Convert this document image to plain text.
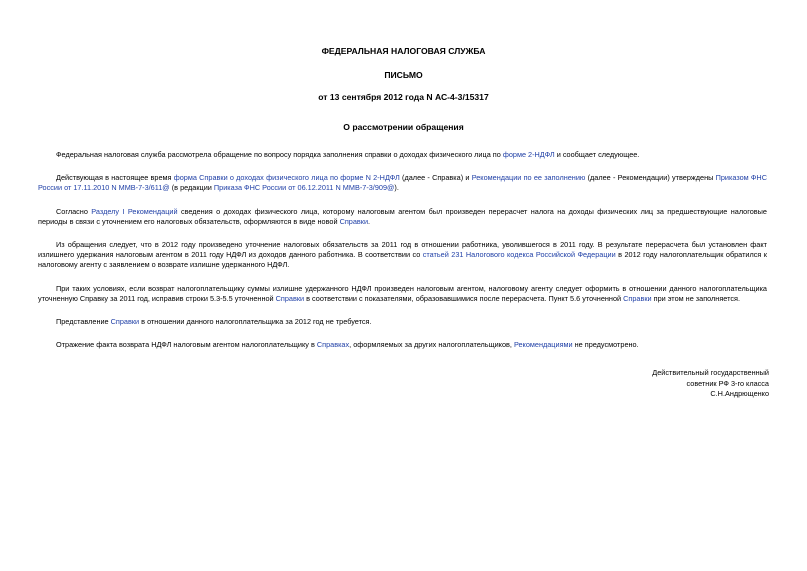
ФЕДЕРАЛЬНАЯ НАЛОГОВАЯ СЛУЖБА
ПИСЬМО
от 13 сентября 2012 года N АС-4-3/15317
О рассмотрении обращения

Федеральная налоговая служба рассмотрела обращение по вопросу порядка заполнения справки о доходах физического лица по форме 2-НДФЛ и сообщает следующее.

Действующая в настоящее время форма Справки о доходах физического лица по форме N 2-НДФЛ (далее - Справка) и Рекомендации по ее заполнению (далее - Рекомендации) утверждены Приказом ФНС России от 17.11.2010 N ММВ-7-3/611@ (в редакции Приказа ФНС России от 06.12.2011 N ММВ-7-3/909@).

Согласно Разделу I Рекомендаций сведения о доходах физического лица, которому налоговым агентом был произведен перерасчет налога на доходы физических лиц за предшествующие налоговые периоды в связи с уточнением его налоговых обязательств, оформляются в виде новой Справки.

Из обращения следует, что в 2012 году произведено уточнение налоговых обязательств за 2011 год в отношении работника, уволившегося в 2011 году. В результате перерасчета был установлен факт излишнего удержания налоговым агентом в 2011 году НДФЛ из доходов данного работника. В соответствии со статьей 231 Налогового кодекса Российской Федерации в 2012 году налогоплательщик обратился к налоговому агенту с заявлением о возврате излишне удержанного НДФЛ.

При таких условиях, если возврат налогоплательщику суммы излишне удержанного НДФЛ произведен налоговым агентом, налоговому агенту следует оформить в отношении данного налогоплательщика уточненную Справку за 2011 год, исправив строки 5.3-5.5 уточненной Справки в соответствии с показателями, образовавшимися после перерасчета. Пункт 5.6 уточненной Справки при этом не заполняется.

Представление Справки в отношении данного налогоплательщика за 2012 год не требуется.

Отражение факта возврата НДФЛ налоговым агентом налогоплательщику в Справках, оформляемых за других налогоплательщиков, Рекомендациями не предусмотрено.

Действительный государственный
советник РФ 3-го класса
С.Н.Андрющенко
